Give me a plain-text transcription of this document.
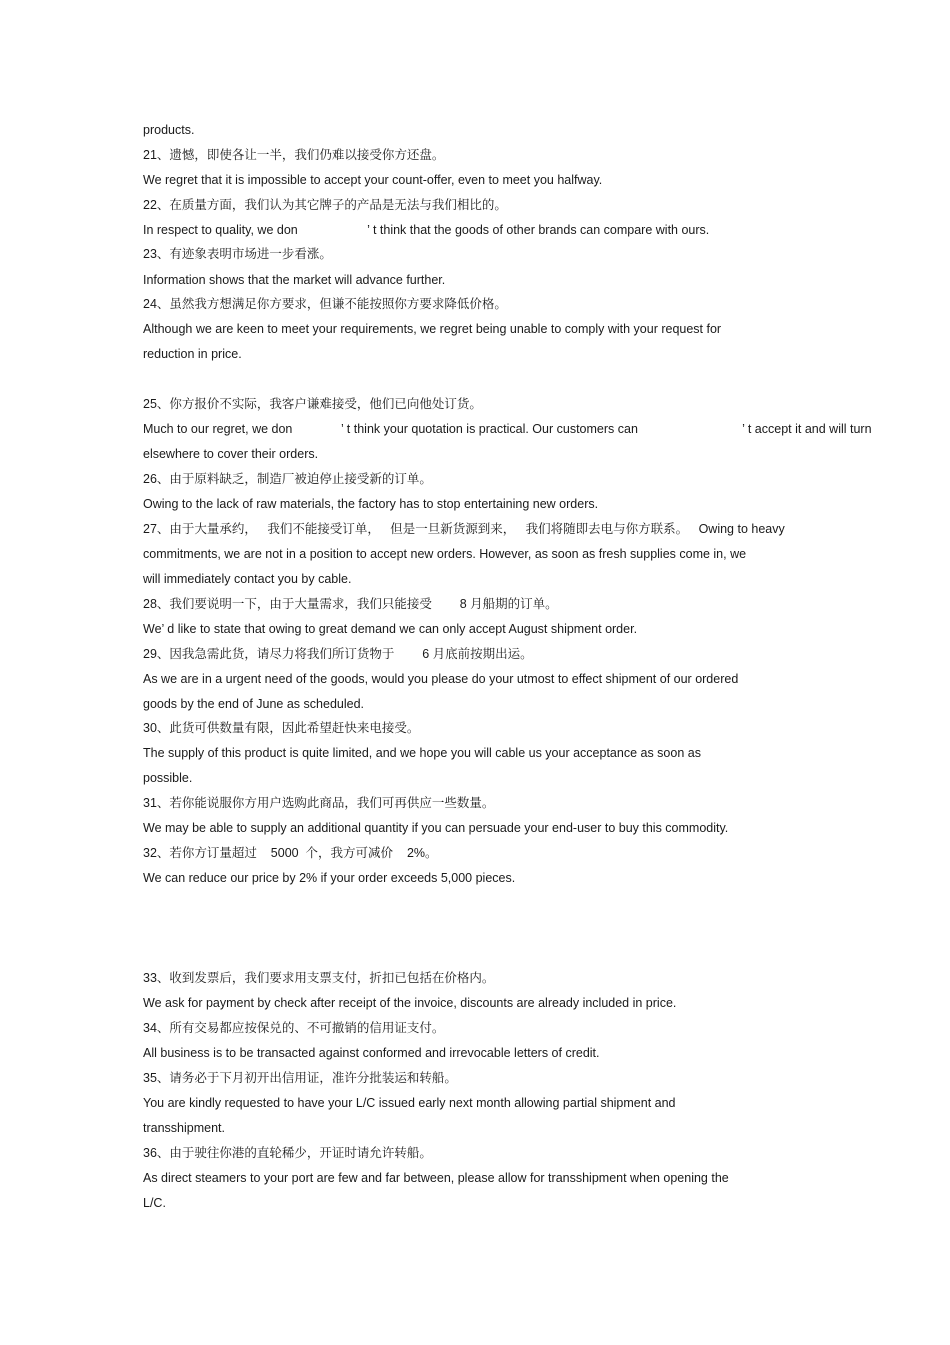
products.

21、遗憾，即使各让一半，我们仍难以接受你方还盘。

We regret that it is impossible to accept your count-offer, even to meet you halfway.

22、在质量方面，我们认为其它牌子的产品是无法与我们相比的。

In respect to quality, we don                    ’ t think that the goods of other brands can compare with ours.

23、有迹象表明市场进一步看涨。

Information shows that the market will advance further.

24、虽然我方想满足你方要求，但谦不能按照你方要求降低价格。

Although we are keen to meet your requirements, we regret being unable to comply with your request for

reduction in price.

25、你方报价不实际，我客户谦难接受，他们已向他处订货。

Much to our regret, we don              ’ t think your quotation is practical. Our customers can                              ’ t accept it and will turn

elsewhere to cover their orders.

26、由于原料缺乏，制造厂被迫停止接受新的订单。

Owing to the lack of raw materials, the factory has to stop entertaining new orders.

27、由于大量承约，   我们不能接受订单，   但是一旦新货源到来，   我们将随即去电与你方联系。   Owing to heavy

commitments, we are not in a position to accept new orders. However, as soon as fresh supplies come in, we

will immediately contact you by cable.

28、我们要说明一下，由于大量需求，我们只能接受        8 月船期的订单。

We’ d like to state that owing to great demand we can only accept August shipment order.

29、因我急需此货，请尽力将我们所订货物于        6 月底前按期出运。

As we are in a urgent need of the goods, would you please do your utmost to effect shipment of our ordered

goods by the end of June as scheduled.

30、此货可供数量有限，因此希望赶快来电接受。

The supply of this product is quite limited, and we hope you will cable us your acceptance as soon as

possible.

31、若你能说服你方用户选购此商品，我们可再供应一些数量。

We may be able to supply an additional quantity if you can persuade your end-user to buy this commodity.

32、若你方订量超过    5000  个，我方可减价    2%。

We can reduce our price by 2% if your order exceeds 5,000 pieces.

33、收到发票后，我们要求用支票支付，折扣已包括在价格内。

We ask for payment by check after receipt of the invoice, discounts are already included in price.

34、所有交易都应按保兑的、不可撤销的信用证支付。

All business is to be transacted against conformed and irrevocable letters of credit.

35、请务必于下月初开出信用证，准许分批装运和转船。

You are kindly requested to have your L/C issued early next month allowing partial shipment and

transshipment.

36、由于驶往你港的直轮稀少，开证时请允许转船。

As direct steamers to your port are few and far between, please allow for transshipment when opening the

L/C.
